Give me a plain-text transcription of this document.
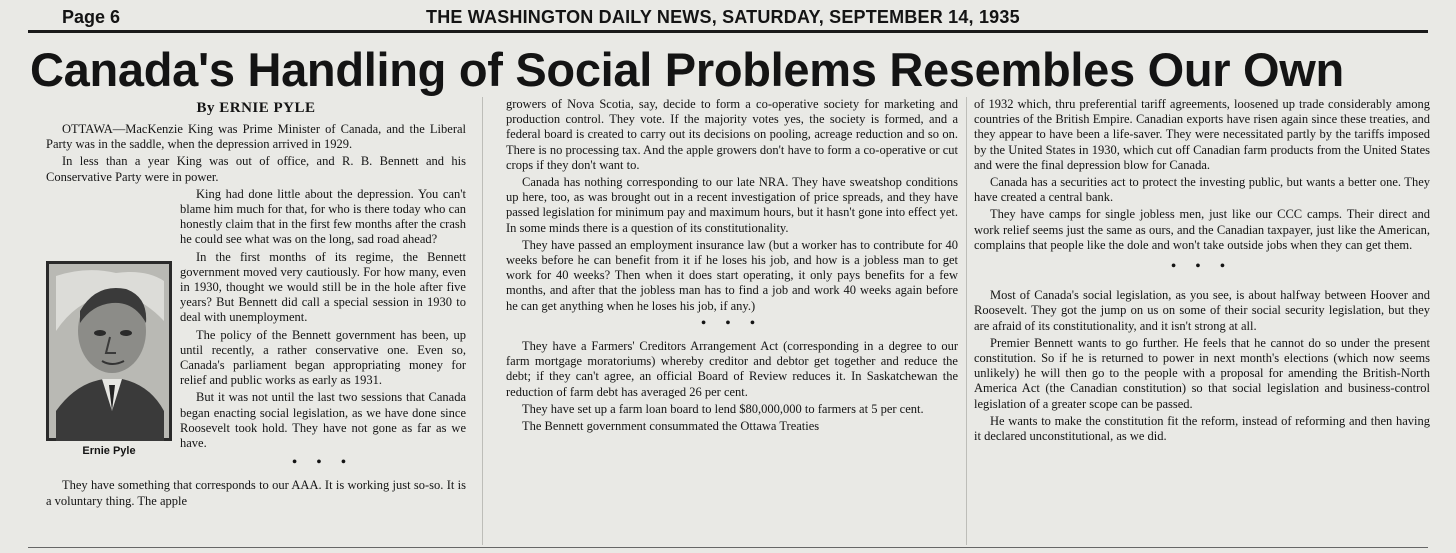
Page 6	THE WASHINGTON DAILY NEWS, SATURDAY, SEPTEMBER 14, 1935
Canada's Handling of Social Problems Resembles Our Own
By ERNIE PYLE

OTTAWA—MacKenzie King was Prime Minister of Canada, and the Liberal Party was in the saddle, when the depression arrived in 1929.

In less than a year King was out of office, and R. B. Bennett and his Conservative Party were in power.

Ernie Pyle

King had done little about the depression. You can't blame him much for that, for who is there today who can honestly claim that in the first few months after the crash he could see what was on the long, sad road ahead?

In the first months of its regime, the Bennett government moved very cautiously. For how many, even in 1930, thought we would still be in the hole after five years? But Bennett did call a special session in 1930 to deal with unemployment.

The policy of the Bennett government has been, up until recently, a rather conservative one. Even so, Canada's parliament began appropriating money for relief and public works as early as 1931.

But it was not until the last two sessions that Canada began enacting social legislation, as we have done since Roosevelt took hold. They have not gone as far as we have.

• • •

They have something that corresponds to our AAA. It is working just so-so. It is a voluntary thing. The apple

growers of Nova Scotia, say, decide to form a co-operative society for marketing and production control. They vote. If the majority votes yes, the society is formed, and a federal board is created to carry out its decisions on pooling, acreage reduction and so on. There is no processing tax. And the apple growers don't have to form a co-operative or cut crops if they don't want to.

Canada has nothing corresponding to our late NRA. They have sweatshop conditions up here, too, as was brought out in a recent investigation of price spreads, and they have passed legislation for minimum pay and maximum hours, but it hasn't gone into effect yet. In some minds there is a question of its constitutionality.

They have passed an employment insurance law (but a worker has to contribute for 40 weeks before he can benefit from it if he loses his job, and how is a jobless man to get work for 40 weeks? Then when it does start operating, it only pays benefits for a few months, and after that the jobless man has to find a job and work 40 weeks again before he can get anything when he loses his job, if any.)

• • •

They have a Farmers' Creditors Arrangement Act (corresponding in a degree to our farm mortgage moratoriums) whereby creditor and debtor get together and reduce the debt; if they can't agree, an official Board of Review reduces it. In Saskatchewan the reduction of farm debt has averaged 26 per cent.

They have set up a farm loan board to lend $80,000,000 to farmers at 5 per cent.

The Bennett government consummated the Ottawa Treaties

of 1932 which, thru preferential tariff agreements, loosened up trade considerably among countries of the British Empire. Canadian exports have risen again since these treaties, and they appear to have been a life-saver. They were necessitated partly by the tariffs imposed by the United States in 1930, which cut off Canadian farm products from the United States and were the final depression blow for Canada.

Canada has a securities act to protect the investing public, but wants a better one. They have created a central bank.

They have camps for single jobless men, just like our CCC camps. Their direct and work relief seems just the same as ours, and the Canadian taxpayer, just like the American, complains that people like the dole and won't take outside jobs when they can get them.

• • •

Most of Canada's social legislation, as you see, is about halfway between Hoover and Roosevelt. They got the jump on us on some of their social security legislation, but they are afraid of its constitutionality, and it isn't strong at all.

Premier Bennett wants to go further. He feels that he cannot do so under the present constitution. So if he is returned to power in next month's elections (which now seems unlikely) he will then go to the people with a proposal for amending the British-North America Act (the Canadian constitution) so that social legislation and business-control legislation of a greater scope can be passed.

He wants to make the constitution fit the reform, instead of reforming and then having it declared unconstitutional, as we did.
